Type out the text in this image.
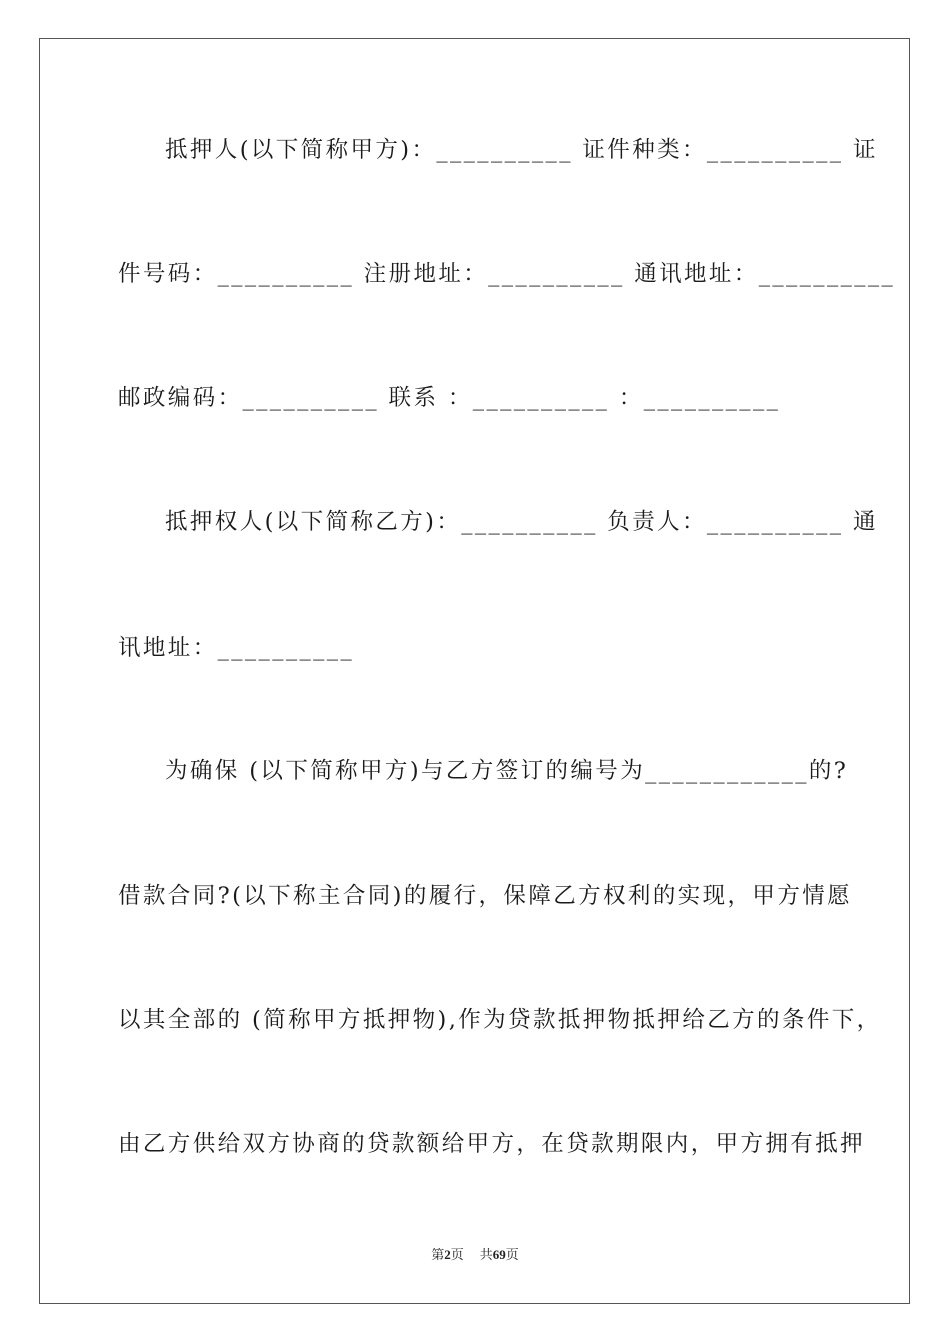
抵押人(以下简称甲方)：__________ 证件种类：__________ 证
件号码：__________ 注册地址：__________ 通讯地址：__________
邮政编码：__________ 联系 ：__________ ：__________
抵押权人(以下简称乙方)：__________ 负责人：__________ 通
讯地址：__________
为确保 (以下简称甲方)与乙方签订的编号为____________的?
借款合同?(以下称主合同)的履行，保障乙方权利的实现，甲方情愿
以其全部的 (简称甲方抵押物),作为贷款抵押物抵押给乙方的条件下，
由乙方供给双方协商的贷款额给甲方，在贷款期限内，甲方拥有抵押
第2页 共69页
